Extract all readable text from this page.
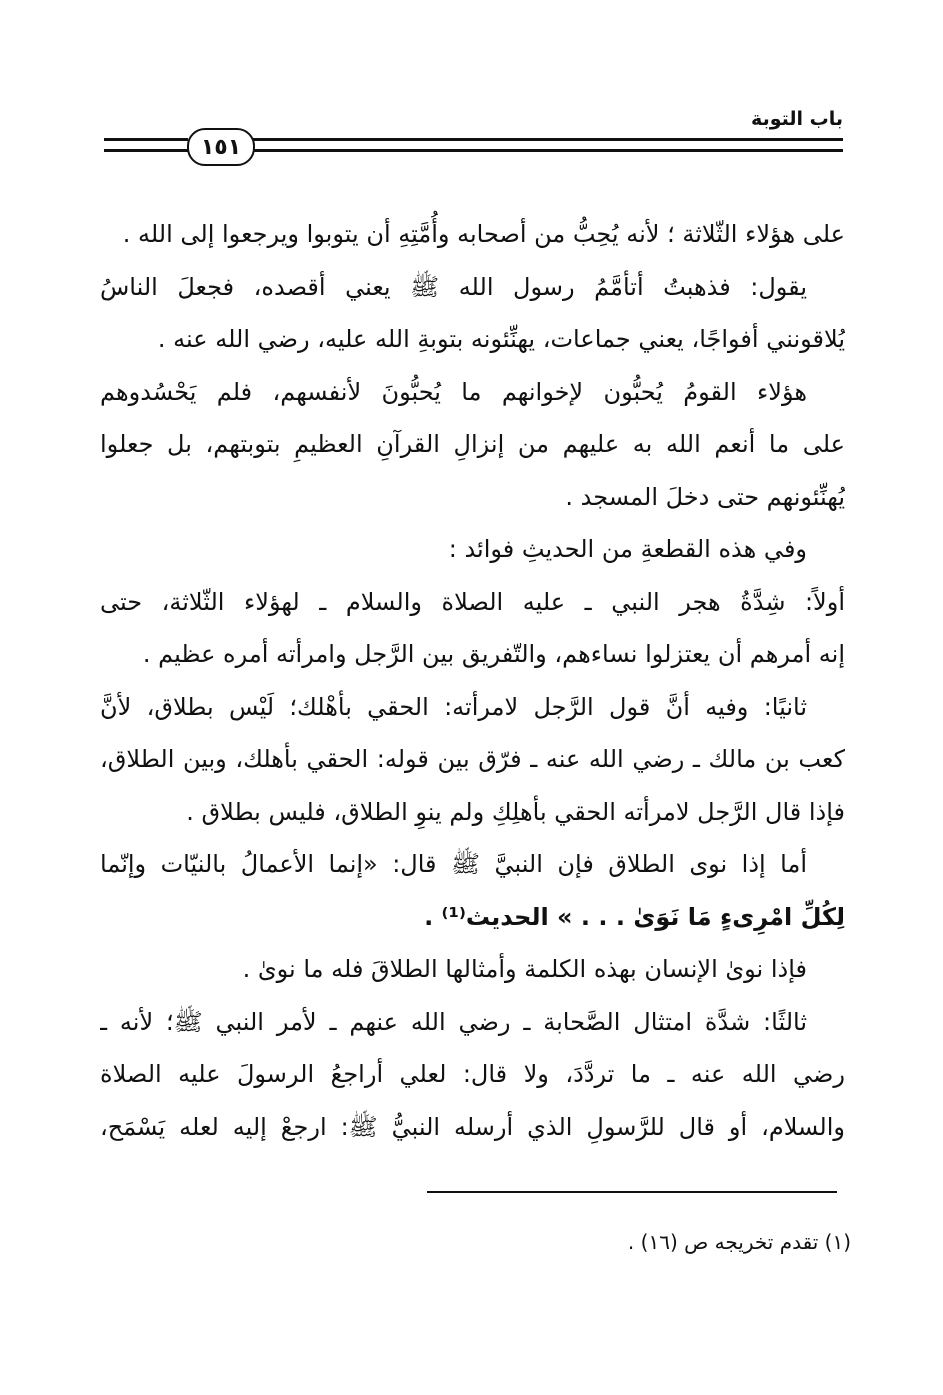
باب التوبة
١٥١
على هؤلاء الثّلاثة ؛ لأنه يُحِبُّ من أصحابه وأُمَّتِهِ أن يتوبوا ويرجعوا إلى الله .
يقول: فذهبتُ أتأمَّمُ رسول الله ﷺ يعني أقصده، فجعلَ الناسُ
يُلاقونني أفواجًا، يعني جماعات، يهنِّئونه بتوبةِ الله عليه، رضي الله عنه .
هؤلاء القومُ يُحبُّون لإخوانهم ما يُحبُّونَ لأنفسهم، فلم يَحْسُدوهم
على ما أنعم الله به عليهم من إنزالِ القرآنِ العظيمِ بتوبتهم، بل جعلوا
يُهنِّئونهم حتى دخلَ المسجد .
وفي هذه القطعةِ من الحديثِ فوائد :
أولاً: شِدَّةُ هجر النبي ـ عليه الصلاة والسلام ـ لهؤلاء الثّلاثة، حتى
إنه أمرهم أن يعتزلوا نساءهم، والتّفريق بين الرَّجل وامرأته أمره عظيم .
ثانيًا: وفيه أنَّ قول الرَّجل لامرأته: الحقي بأهْلك؛ لَيْس بطلاق، لأنَّ
كعب بن مالك ـ رضي الله عنه ـ فرّق بين قوله: الحقي بأهلك، وبين الطلاق،
فإذا قال الرَّجل لامرأته الحقي بأهلِكِ ولم ينوِ الطلاق، فليس بطلاق .
أما إذا نوى الطلاق فإن النبيَّ ﷺ قال: «إنما الأعمالُ بالنيّات وإنّما
لِكُلِّ امْرِىءٍ مَا نَوَىٰ . . . » الحديث⁽¹⁾ .
فإذا نوىٰ الإنسان بهذه الكلمة وأمثالها الطلاقَ فله ما نوىٰ .
ثالثًا: شدَّة امتثال الصَّحابة ـ رضي الله عنهم ـ لأمر النبي ﷺ؛ لأنه ـ
رضي الله عنه ـ ما تردَّدَ، ولا قال: لعلي أراجعُ الرسولَ عليه الصلاة
والسلام، أو قال للرَّسولِ الذي أرسله النبيُّ ﷺ: ارجعْ إليه لعله يَسْمَح،
(١) تقدم تخريجه ص (١٦) .
